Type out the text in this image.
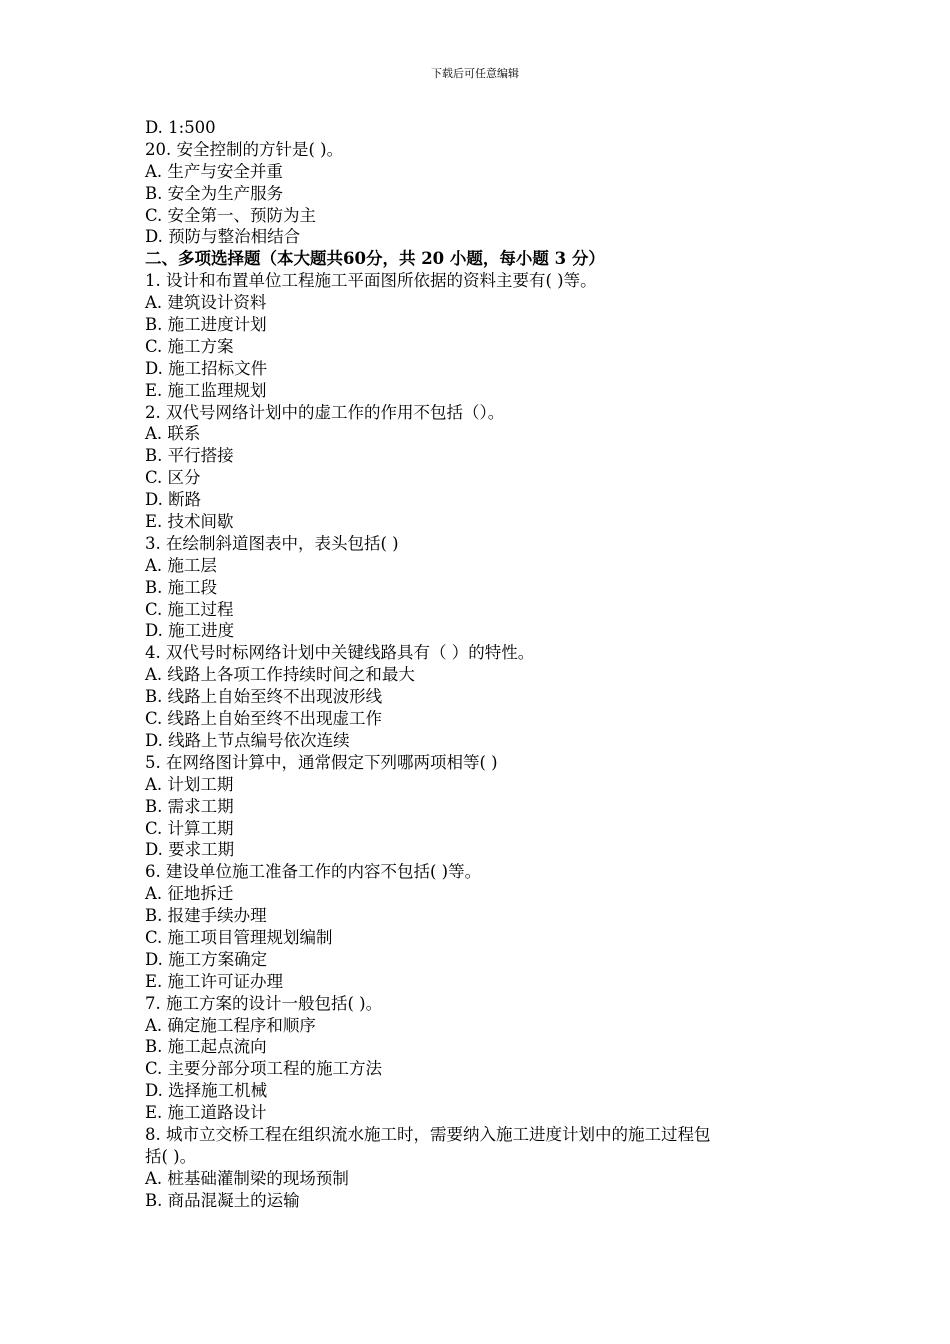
下载后可任意编辑
D. 1:500
20. 安全控制的方针是( )。
A. 生产与安全并重
B. 安全为生产服务
C. 安全第一、预防为主
D. 预防与整治相结合
二、多项选择题（本大题共60分，共 20 小题，每小题 3 分）
1. 设计和布置单位工程施工平面图所依据的资料主要有( )等。
A. 建筑设计资料
B. 施工进度计划
C. 施工方案
D. 施工招标文件
E. 施工监理规划
2. 双代号网络计划中的虚工作的作用不包括（）。
A. 联系
B. 平行搭接
C. 区分
D. 断路
E. 技术间歇
3. 在绘制斜道图表中，表头包括( )
A. 施工层
B. 施工段
C. 施工过程
D. 施工进度
4. 双代号时标网络计划中关键线路具有（ ）的特性。
A. 线路上各项工作持续时间之和最大
B. 线路上自始至终不出现波形线
C. 线路上自始至终不出现虚工作
D. 线路上节点编号依次连续
5. 在网络图计算中，通常假定下列哪两项相等( )
A. 计划工期
B. 需求工期
C. 计算工期
D. 要求工期
6. 建设单位施工准备工作的内容不包括( )等。
A. 征地拆迁
B. 报建手续办理
C. 施工项目管理规划编制
D. 施工方案确定
E. 施工许可证办理
7. 施工方案的设计一般包括( )。
A. 确定施工程序和顺序
B. 施工起点流向
C. 主要分部分项工程的施工方法
D. 选择施工机械
E. 施工道路设计
8. 城市立交桥工程在组织流水施工时，需要纳入施工进度计划中的施工过程包
括( )。
A. 桩基础灌制梁的现场预制
B. 商品混凝土的运输
